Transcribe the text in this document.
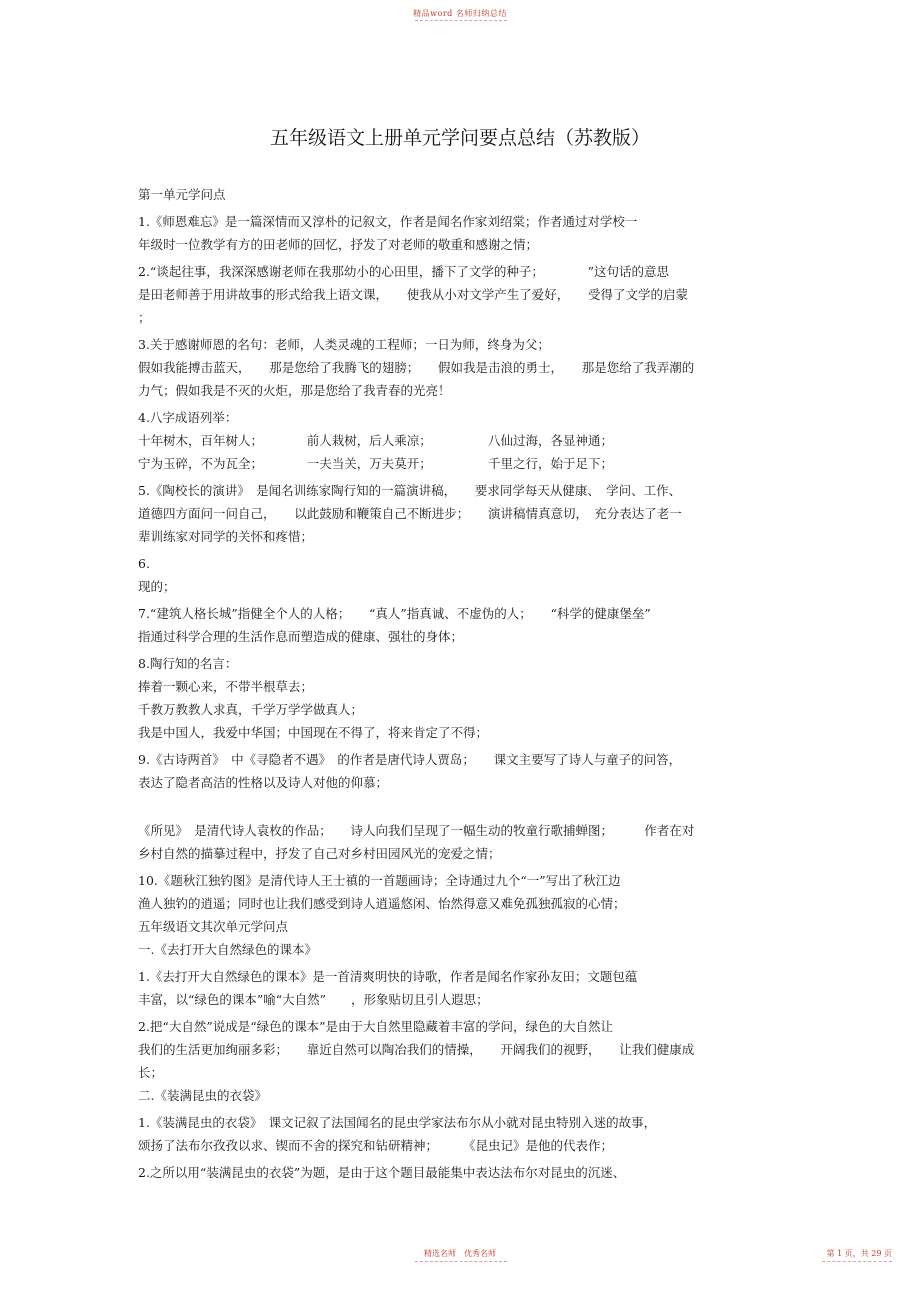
精品word 名师归纳总结
五年级语文上册单元学问要点总结（苏教版）
第一单元学问点
1.《师恩难忘》是一篇深情而又淳朴的记叙文，作者是闻名作家刘绍棠；作者通过对学校一
年级时一位教学有方的田老师的回忆，抒发了对老师的敬重和感谢之情；
2.“谈起往事，我深深感谢老师在我那幼小的心田里，播下了文学的种子；　　　　”这句话的意思
是田老师善于用讲故事的形式给我上语文课，　　使我从小对文学产生了爱好，　　受得了文学的启蒙
；
3.关于感谢师恩的名句：老师，人类灵魂的工程师；一日为师，终身为父；
假如我能搏击蓝天，　　那是您给了我腾飞的翅膀；　　假如我是击浪的勇士，　　那是您给了我弄潮的
力气；假如我是不灭的火炬，那是您给了我青春的光亮！
4.八字成语列举：
十年树木，百年树人；　　　　前人栽树，后人乘凉；　　　　　八仙过海，各显神通；
宁为玉碎，不为瓦全；　　　　一夫当关，万夫莫开；　　　　　千里之行，始于足下；
5.《陶校长的演讲》　是闻名训练家陶行知的一篇演讲稿，　　要求同学每天从健康、　学问、工作、
道德四方面问一问自己，　　以此鼓励和鞭策自己不断进步；　　演讲稿情真意切，　充分表达了老一
辈训练家对同学的关怀和疼惜；
6.
现的；
7.“建筑人格长城”指健全个人的人格；　　“真人”指真诚、不虚伪的人；　　“科学的健康堡垒”
指通过科学合理的生活作息而塑造成的健康、强壮的身体；
8.陶行知的名言：
捧着一颗心来，不带半根草去；
千教万教教人求真，千学万学学做真人；
我是中国人，我爱中华国；中国现在不得了，将来肯定了不得；
9.《古诗两首》　中《寻隐者不遇》　的作者是唐代诗人贾岛；　　课文主要写了诗人与童子的问答，
表达了隐者高洁的性格以及诗人对他的仰慕；
《所见》　是清代诗人袁枚的作品；　　诗人向我们呈现了一幅生动的牧童行歌捕蝉图；　　　作者在对
乡村自然的描摹过程中，抒发了自己对乡村田园风光的宠爱之情；
10.《题秋江独钓图》是清代诗人王士禛的一首题画诗；全诗通过九个“一”写出了秋江边
渔人独钓的逍遥；同时也让我们感受到诗人逍遥悠闲、怡然得意又难免孤独孤寂的心情；
五年级语文其次单元学问点
一.《去打开大自然绿色的课本》
1.《去打开大自然绿色的课本》是一首清爽明快的诗歌，作者是闻名作家孙友田；文题包蕴
丰富，以“绿色的课本”喻“大自然”　　，形象贴切且引人遐思；
2.把“大自然”说成是“绿色的课本”是由于大自然里隐藏着丰富的学问，绿色的大自然让
我们的生活更加绚丽多彩；　　靠近自然可以陶冶我们的情操，　　开阔我们的视野，　　让我们健康成
长；
二.《装满昆虫的衣袋》
1.《装满昆虫的衣袋》　课文记叙了法国闻名的昆虫学家法布尔从小就对昆虫特别入迷的故事，
颂扬了法布尔孜孜以求、锲而不舍的探究和钻研精神；　　　《昆虫记》是他的代表作；
2.之所以用“装满昆虫的衣袋”为题，是由于这个题目最能集中表达法布尔对昆虫的沉迷、
精选名师　优秀名师	第 1 页，共 29 页
